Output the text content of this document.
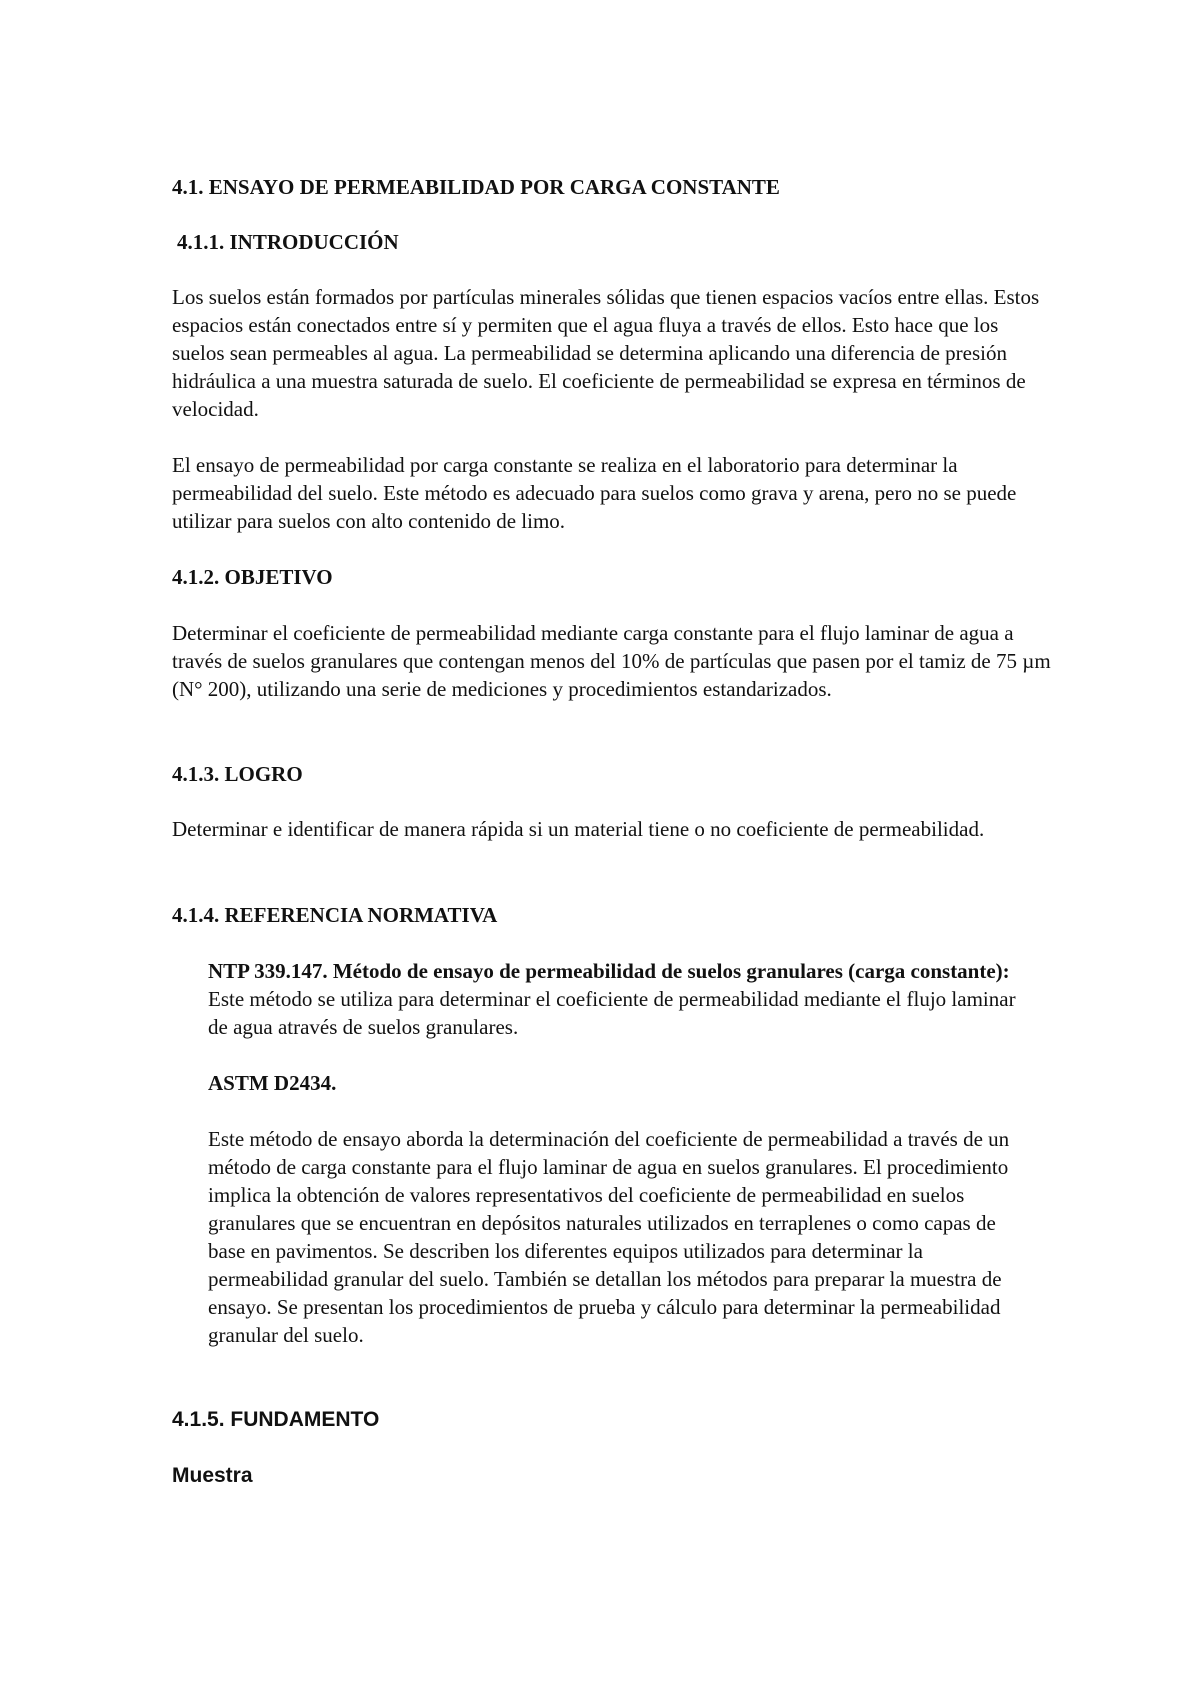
4.1. ENSAYO DE PERMEABILIDAD POR CARGA CONSTANTE

4.1.1. INTRODUCCIÓN

Los suelos están formados por partículas minerales sólidas que tienen espacios vacíos entre ellas. Estos espacios están conectados entre sí y permiten que el agua fluya a través de ellos. Esto hace que los suelos sean permeables al agua. La permeabilidad se determina aplicando una diferencia de presión hidráulica a una muestra saturada de suelo. El coeficiente de permeabilidad se expresa en términos de velocidad.

El ensayo de permeabilidad por carga constante se realiza en el laboratorio para determinar la permeabilidad del suelo. Este método es adecuado para suelos como grava y arena, pero no se puede utilizar para suelos con alto contenido de limo.

4.1.2. OBJETIVO

Determinar el coeficiente de permeabilidad mediante carga constante para el flujo laminar de agua a través de suelos granulares que contengan menos del 10% de partículas que pasen por el tamiz de 75 µm (N° 200), utilizando una serie de mediciones y procedimientos estandarizados.

4.1.3. LOGRO

Determinar e identificar de manera rápida si un material tiene o no coeficiente de permeabilidad.

4.1.4. REFERENCIA NORMATIVA

NTP 339.147. Método de ensayo de permeabilidad de suelos granulares (carga constante): Este método se utiliza para determinar el coeficiente de permeabilidad mediante el flujo laminar de agua através de suelos granulares.

ASTM D2434.

Este método de ensayo aborda la determinación del coeficiente de permeabilidad a través de un método de carga constante para el flujo laminar de agua en suelos granulares. El procedimiento implica la obtención de valores representativos del coeficiente de permeabilidad en suelos granulares que se encuentran en depósitos naturales utilizados en terraplenes o como capas de base en pavimentos. Se describen los diferentes equipos utilizados para determinar la permeabilidad granular del suelo. También se detallan los métodos para preparar la muestra de ensayo. Se presentan los procedimientos de prueba y cálculo para determinar la permeabilidad granular del suelo.

4.1.5. FUNDAMENTO

Muestra
